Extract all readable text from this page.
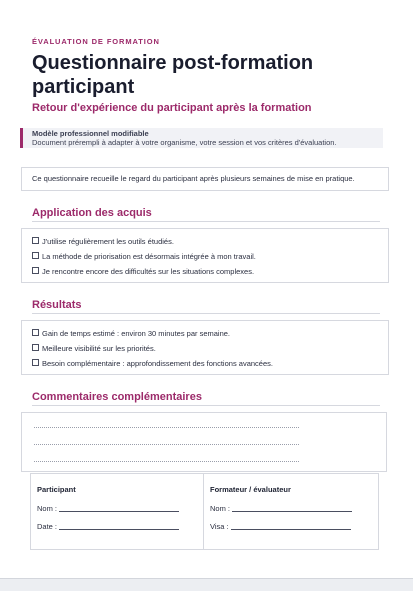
ÉVALUATION DE FORMATION
Questionnaire post-formation participant
Retour d'expérience du participant après la formation
Modèle professionnel modifiable
Document prérempli à adapter à votre organisme, votre session et vos critères d'évaluation.
Ce questionnaire recueille le regard du participant après plusieurs semaines de mise en pratique.
Application des acquis
J'utilise régulièrement les outils étudiés.
La méthode de priorisation est désormais intégrée à mon travail.
Je rencontre encore des difficultés sur les situations complexes.
Résultats
Gain de temps estimé : environ 30 minutes par semaine.
Meilleure visibilité sur les priorités.
Besoin complémentaire : approfondissement des fonctions avancées.
Commentaires complémentaires
Participant
Nom :
Date :
Formateur / évaluateur
Nom :
Visa :
